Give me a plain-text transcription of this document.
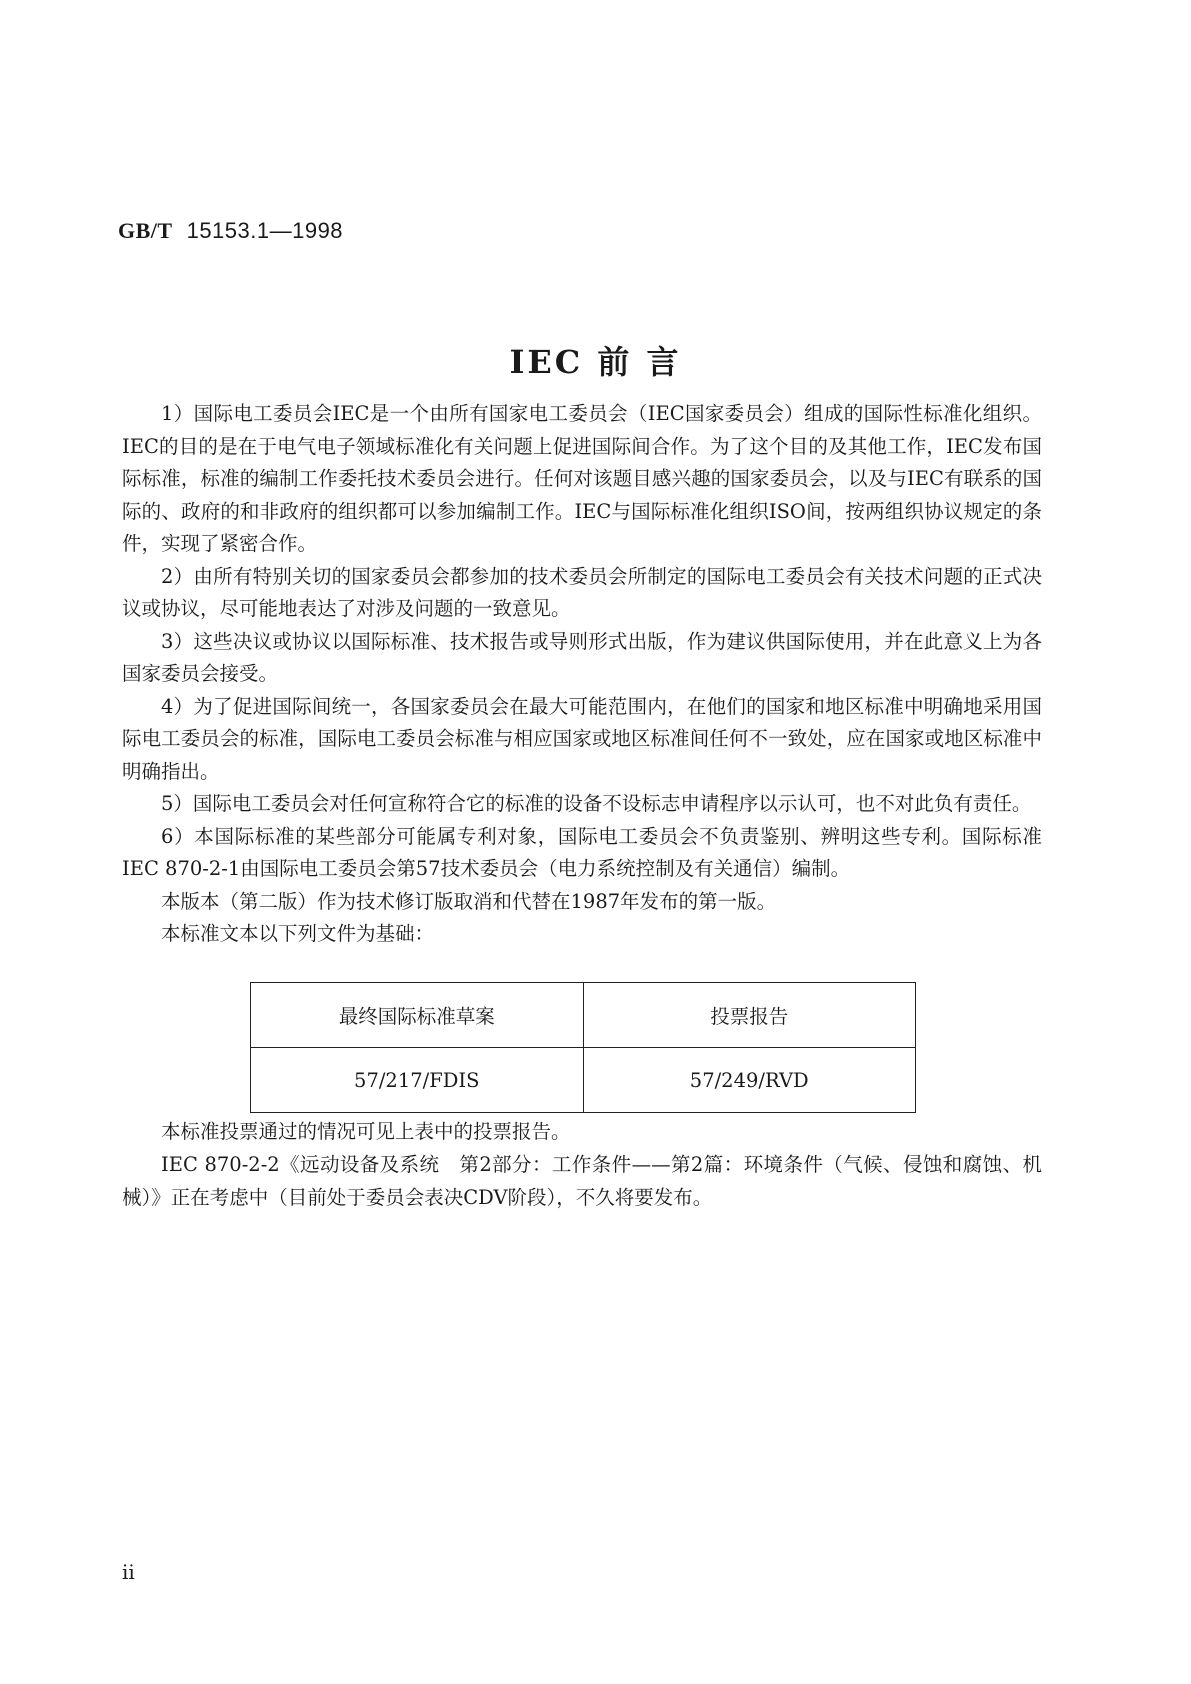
GB/T 15153.1—1998
IEC 前 言

1）国际电工委员会IEC是一个由所有国家电工委员会（IEC国家委员会）组成的国际性标准化组织。IEC的目的是在于电气电子领域标准化有关问题上促进国际间合作。为了这个目的及其他工作，IEC发布国际标准，标准的编制工作委托技术委员会进行。任何对该题目感兴趣的国家委员会，以及与IEC有联系的国际的、政府的和非政府的组织都可以参加编制工作。IEC与国际标准化组织ISO间，按两组织协议规定的条件，实现了紧密合作。

2）由所有特别关切的国家委员会都参加的技术委员会所制定的国际电工委员会有关技术问题的正式决议或协议，尽可能地表达了对涉及问题的一致意见。

3）这些决议或协议以国际标准、技术报告或导则形式出版，作为建议供国际使用，并在此意义上为各国家委员会接受。

4）为了促进国际间统一，各国家委员会在最大可能范围内，在他们的国家和地区标准中明确地采用国际电工委员会的标准，国际电工委员会标准与相应国家或地区标准间任何不一致处，应在国家或地区标准中明确指出。

5）国际电工委员会对任何宣称符合它的标准的设备不设标志申请程序以示认可，也不对此负有责任。

6）本国际标准的某些部分可能属专利对象，国际电工委员会不负责鉴别、辨明这些专利。国际标准IEC 870-2-1由国际电工委员会第57技术委员会（电力系统控制及有关通信）编制。

本版本（第二版）作为技术修订版取消和代替在1987年发布的第一版。

本标准文本以下列文件为基础：

最终国际标准草案	投票报告
57/217/FDIS	57/249/RVD

本标准投票通过的情况可见上表中的投票报告。

IEC 870-2-2《远动设备及系统　第2部分：工作条件——第2篇：环境条件（气候、侵蚀和腐蚀、机械）》正在考虑中（目前处于委员会表决CDV阶段），不久将要发布。

ii
